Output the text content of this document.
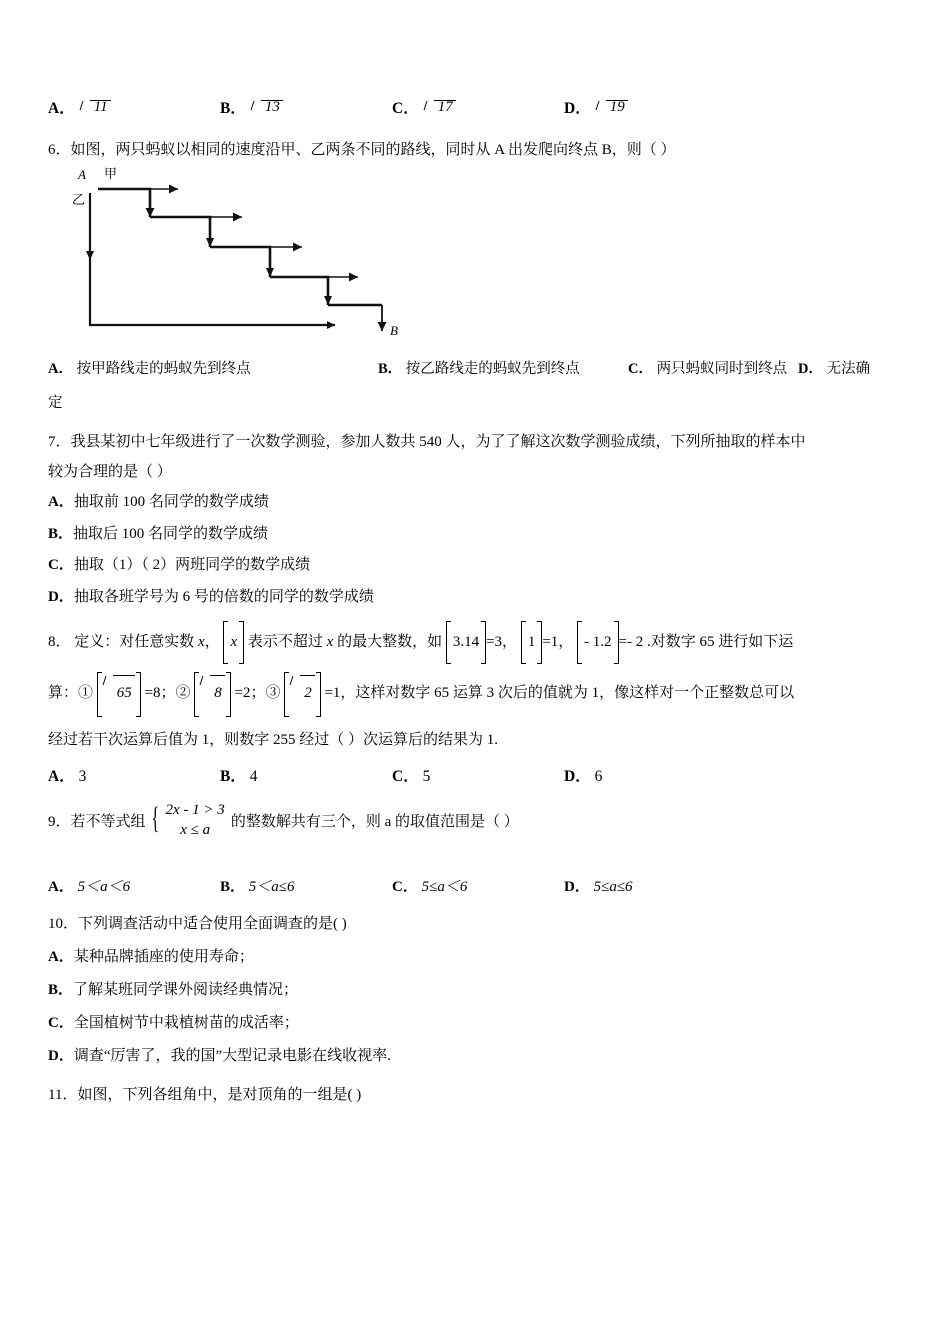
A．	11	B．	13	C．	17	D．	19
6． 如图，两只蚂蚁以相同的速度沿甲、乙两条不同的路线，同时从 A 出发爬向终点 B，则（ ）
A 甲
乙
B
A． 按甲路线走的蚂蚁先到终点	B． 按乙路线走的蚂蚁先到终点	C． 两只蚂蚁同时到终点 D． 无法确
定
7． 我县某初中七年级进行了一次数学测验，参加人数共 540 人，为了了解这次数学测验成绩，下列所抽取的样本中
较为合理的是（ ）
A．抽取前 100 名同学的数学成绩
B．抽取后 100 名同学的数学成绩
C．抽取（1）（ 2）两班同学的数学成绩
D．抽取各班学号为 6 号的倍数的同学的数学成绩
8． 定义：对任意实数 x， x 表示不超过 x 的最大整数，如 3.14 =3， 1 =1， - 1.2 =- 2 .对数字 65 进行如下运
算：① 65 =8；② 8 =2；③ 2 =1，这样对数字 65 运算 3 次后的值就为 1，像这样对一个正整数总可以
经过若干次运算后值为 1，则数字 255 经过（ ）次运算后的结果为 1.
A． 3	B． 4	C． 5	D． 6
9． 若不等式组
{ 2x - 1 > 3
x ≤ a
的整数解共有三个，则 a 的取值范围是（ ）
A． 5＜a＜6	B． 5＜a≤6	C． 5≤a＜6	D． 5≤a≤6
10． 下列调查活动中适合使用全面调查的是( )
A．某种品牌插座的使用寿命；
B．了解某班同学课外阅读经典情况；
C．全国植树节中栽植树苗的成活率；
D．调查“厉害了，我的国”大型记录电影在线收视率.
11． 如图，下列各组角中，是对顶角的一组是( )
